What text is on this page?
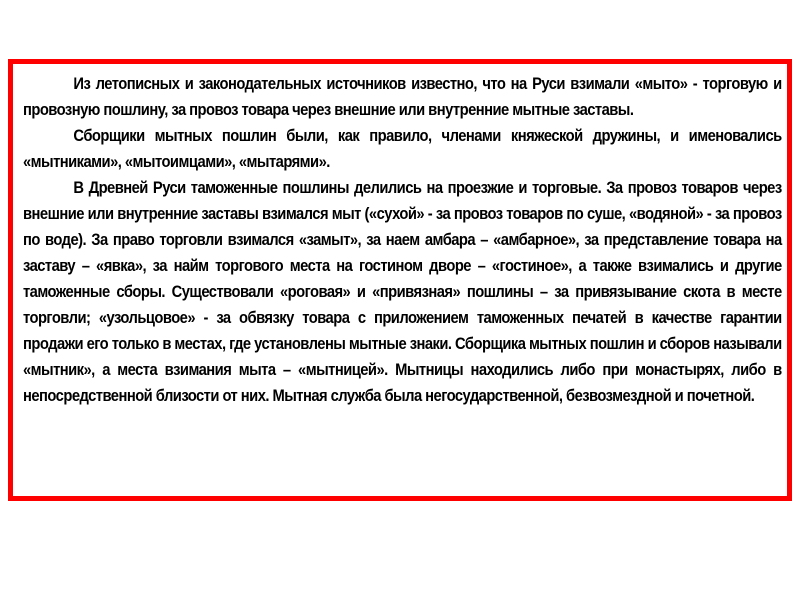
Из летописных и законодательных источников известно, что на Руси взимали «мыто» - торговую и провозную пошлину, за провоз товара через внешние или внутренние мытные заставы.

Сборщики мытных пошлин были, как правило, членами княжеской дружины, и именовались «мытниками», «мытоимцами», «мытарями».

В Древней Руси таможенные пошлины делились на проезжие и торговые. За провоз товаров через внешние или внутренние заставы взимался мыт («сухой» - за провоз товаров по суше, «водяной» - за провоз по воде). За право торговли взимался «замыт», за наем амбара – «амбарное», за представление товара на заставу – «явка», за найм торгового места на гостином дворе – «гостиное», а также взимались и другие таможенные сборы. Существовали «роговая» и «привязная» пошлины – за привязывание скота в месте торговли; «узольцовое» - за обвязку товара с приложением таможенных печатей в качестве гарантии продажи его только в местах, где установлены мытные знаки. Сборщика мытных пошлин и сборов называли «мытник», а места взимания мыта – «мытницей». Мытницы находились либо при монастырях, либо в непосредственной близости от них. Мытная служба была негосударственной, безвозмездной и почетной.
